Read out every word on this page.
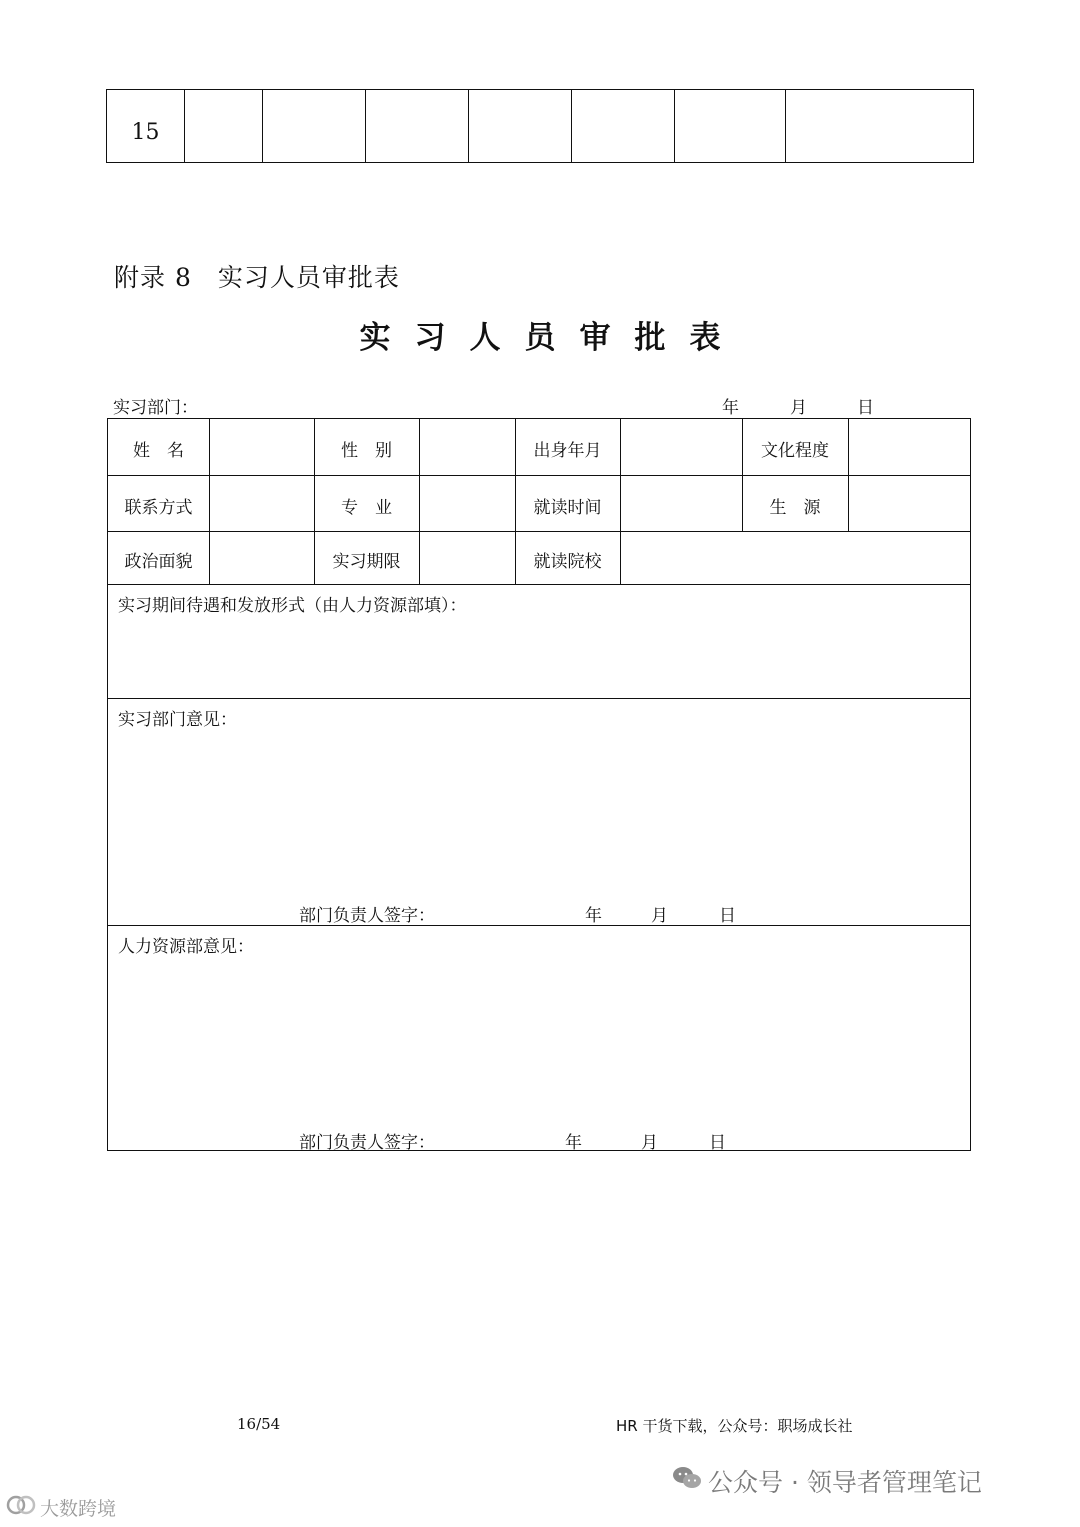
15							
附录 8　实习人员审批表
实习人员审批表
实习部门：	年	月	日
姓　名	性　别	出身年月	文化程度
联系方式	专　业	就读时间	生　源
政治面貌	实习期限	就读院校
实习期间待遇和发放形式（由人力资源部填）：
实习部门意见：
部门负责人签字：	年	月	日
人力资源部意见：
部门负责人签字：	年	月	日
16/54	HR 干货下载，公众号：职场成长社
公众号 · 领导者管理笔记
大数跨境
